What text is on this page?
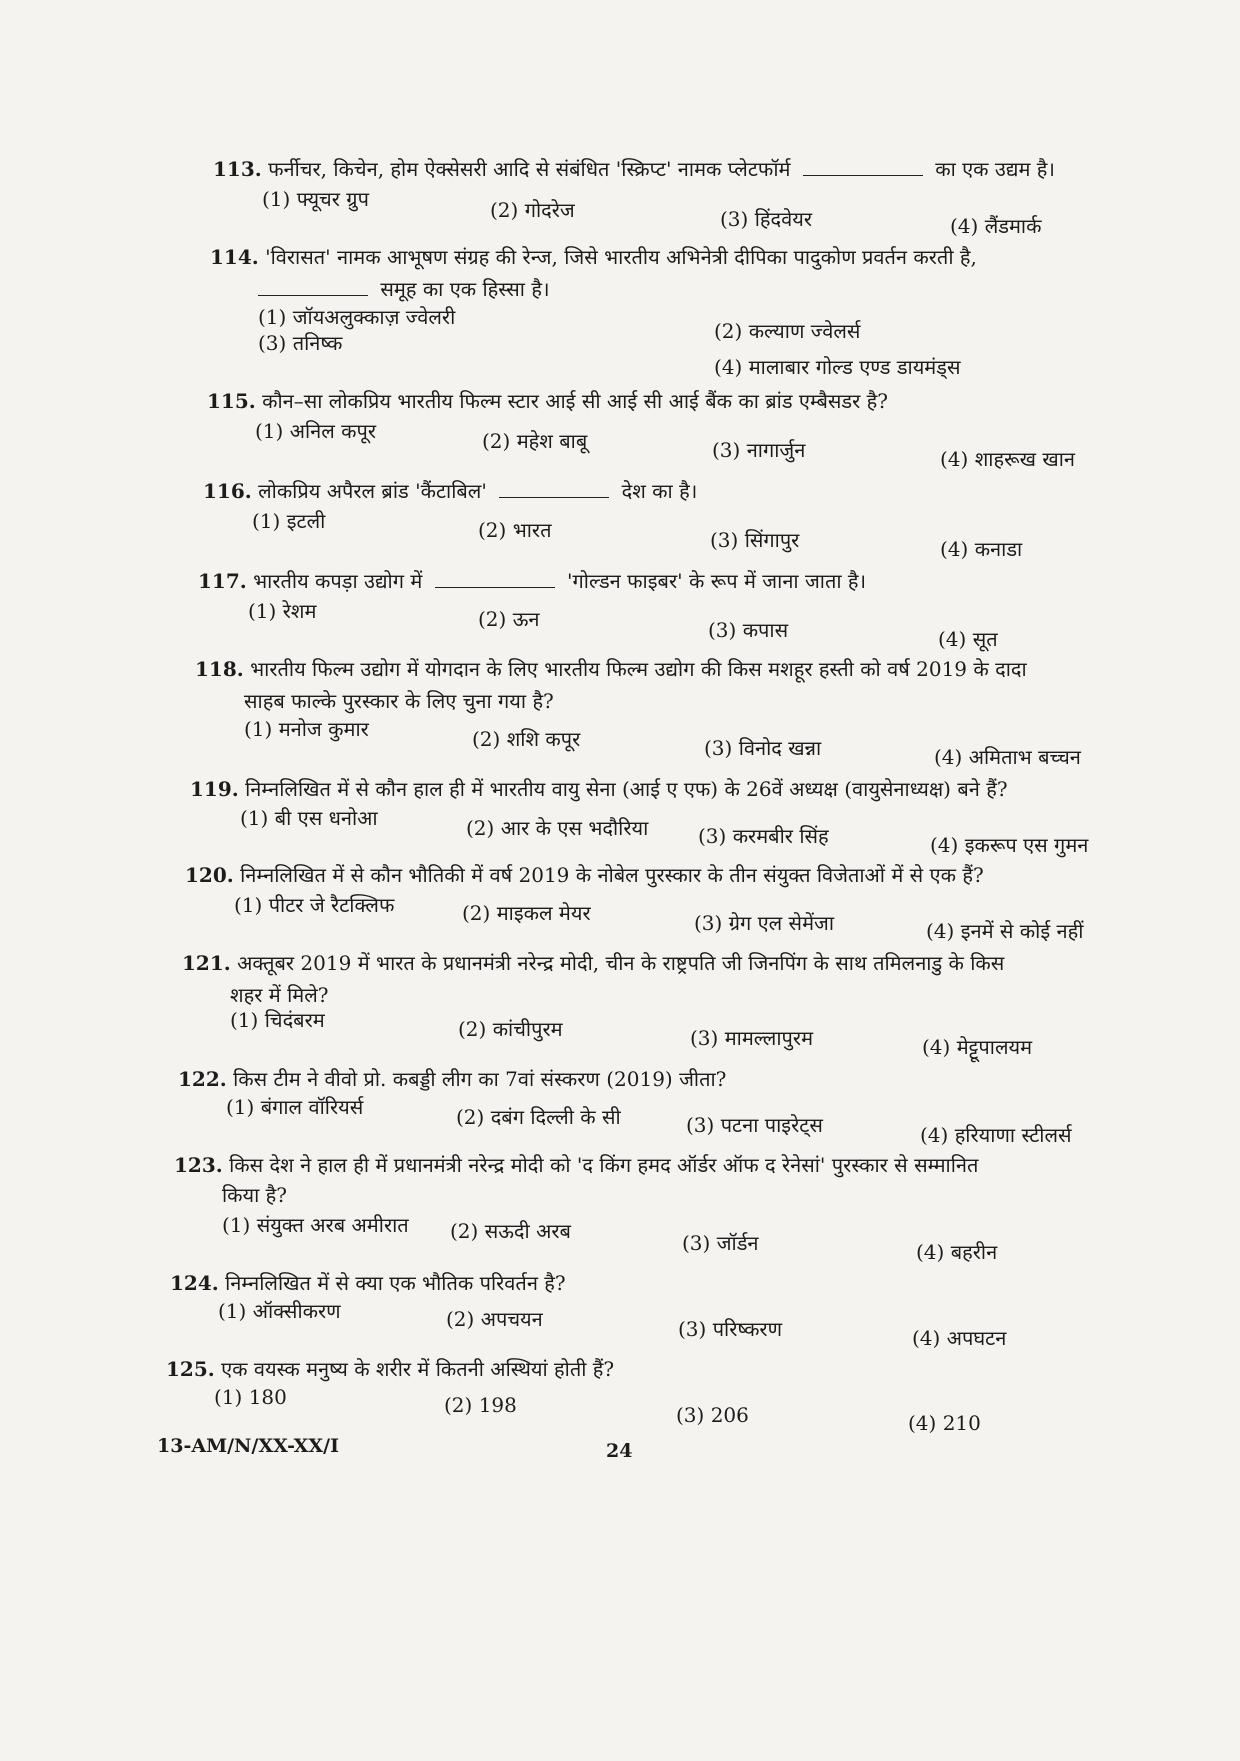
113. फर्नीचर, किचेन, होम ऐक्सेसरी आदि से संबंधित 'स्क्रिप्ट' नामक प्लेटफॉर्म	का एक उद्यम है।
(1) फ्यूचर ग्रुप	(2) गोदरेज	(3) हिंदवेयर	(4) लैंडमार्क
114. 'विरासत' नामक आभूषण संग्रह की रेन्ज, जिसे भारतीय अभिनेत्री दीपिका पादुकोण प्रवर्तन करती है,
समूह का एक हिस्सा है।
(1) जॉयअलुक्काज़ ज्वेलरी
(2) कल्याण ज्वेलर्स
(3) तनिष्क
(4) मालाबार गोल्ड एण्ड डायमंड्स
115. कौन–सा लोकप्रिय भारतीय फिल्म स्टार आई सी आई सी आई बैंक का ब्रांड एम्बैसडर है?
(1) अनिल कपूर	(2) महेश बाबू	(3) नागार्जुन	(4) शाहरूख खान
116. लोकप्रिय अपैरल ब्रांड 'कैंटाबिल'	देश का है।
(1) इटली	(2) भारत	(3) सिंगापुर	(4) कनाडा
117. भारतीय कपड़ा उद्योग में	'गोल्डन फाइबर' के रूप में जाना जाता है।
(1) रेशम	(2) ऊन	(3) कपास	(4) सूत
118. भारतीय फिल्म उद्योग में योगदान के लिए भारतीय फिल्म उद्योग की किस मशहूर हस्ती को वर्ष 2019 के दादा
साहब फाल्के पुरस्कार के लिए चुना गया है?
(1) मनोज कुमार	(2) शशि कपूर	(3) विनोद खन्ना	(4) अमिताभ बच्चन
119. निम्नलिखित में से कौन हाल ही में भारतीय वायु सेना (आई ए एफ) के 26वें अध्यक्ष (वायुसेनाध्यक्ष) बने हैं?
(1) बी एस धनोआ	(2) आर के एस भदौरिया (3) करमबीर सिंह	(4) इकरूप एस गुमन
120. निम्नलिखित में से कौन भौतिकी में वर्ष 2019 के नोबेल पुरस्कार के तीन संयुक्त विजेताओं में से एक हैं?
(1) पीटर जे रैटक्लिफ	(2) माइकल मेयर	(3) ग्रेग एल सेमेंजा	(4) इनमें से कोई नहीं
121. अक्तूबर 2019 में भारत के प्रधानमंत्री नरेन्द्र मोदी, चीन के राष्ट्रपति जी जिनपिंग के साथ तमिलनाडु के किस
शहर में मिले?
(1) चिदंबरम	(2) कांचीपुरम	(3) मामल्लापुरम	(4) मेट्टूपालयम
122. किस टीम ने वीवो प्रो. कबड्डी लीग का 7वां संस्करण (2019) जीता?
(1) बंगाल वॉरियर्स	(2) दबंग दिल्ली के सी	(3) पटना पाइरेट्स	(4) हरियाणा स्टीलर्स
123. किस देश ने हाल ही में प्रधानमंत्री नरेन्द्र मोदी को 'द किंग हमद ऑर्डर ऑफ द रेनेसां' पुरस्कार से सम्मानित
किया है?
(1) संयुक्त अरब अमीरात (2) सऊदी अरब	(3) जॉर्डन	(4) बहरीन
124. निम्नलिखित में से क्या एक भौतिक परिवर्तन है?
(1) ऑक्सीकरण	(2) अपचयन	(3) परिष्करण	(4) अपघटन
125. एक वयस्क मनुष्य के शरीर में कितनी अस्थियां होती हैं?
(1) 180	(2) 198	(3) 206	(4) 210
13-AM/N/XX-XX/I	24
